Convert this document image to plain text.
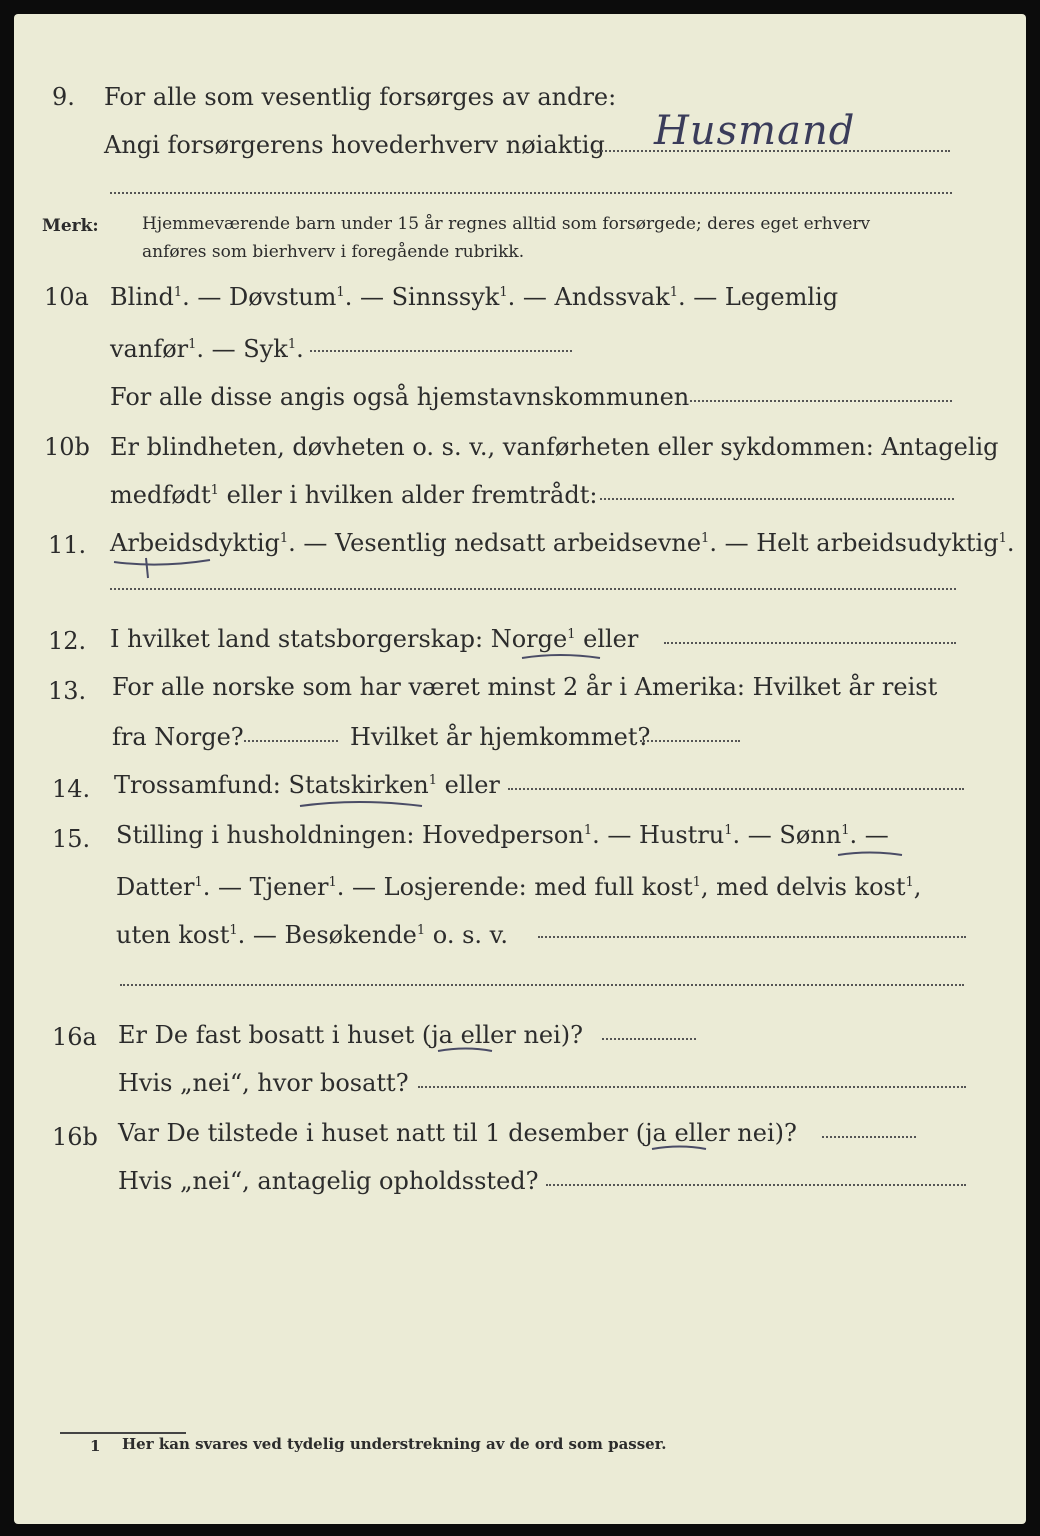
9. For alle som vesentlig forsørges av andre:
Angi forsørgerens hovederhverv nøiaktig Husmand
Merk:	Hjemmeværende barn under 15 år regnes alltid som forsørgede; deres eget erhverv
anføres som bierhverv i foregående rubrikk.
10a Blind$^1$. — Døvstum$^1$. — Sinnssyk$^1$. — Andssvak$^1$. — Legemlig
vanfør$^1$. — Syk$^1$.
For alle disse angis også hjemstavnskommunen
10b Er blindheten, døvheten o. s. v., vanførheten eller sykdommen: Antagelig
medfødt$^1$ eller i hvilken alder fremtrådt:
11. Arbeidsdyktig$^1$. — Vesentlig nedsatt arbeidsevne$^1$. — Helt arbeidsudyktig$^1$.
12. I hvilket land statsborgerskap: Norge$^1$ eller
13. For alle norske som har været minst 2 år i Amerika: Hvilket år reist
fra Norge?	Hvilket år hjemkommet?
14. Trossamfund: Statskirken$^1$ eller
15. Stilling i husholdningen: Hovedperson$^1$. — Hustru$^1$. — Sønn$^1$. —
Datter$^1$. — Tjener$^1$. — Losjerende: med full kost$^1$, med delvis kost$^1$,
uten kost$^1$. — Besøkende$^1$ o. s. v.
16a Er De fast bosatt i huset (ja eller nei)?
Hvis „nei“, hvor bosatt?
16b Var De tilstede i huset natt til 1 desember (ja eller nei)?
Hvis „nei“, antagelig opholdssted?
1 Her kan svares ved tydelig understrekning av de ord som passer.
